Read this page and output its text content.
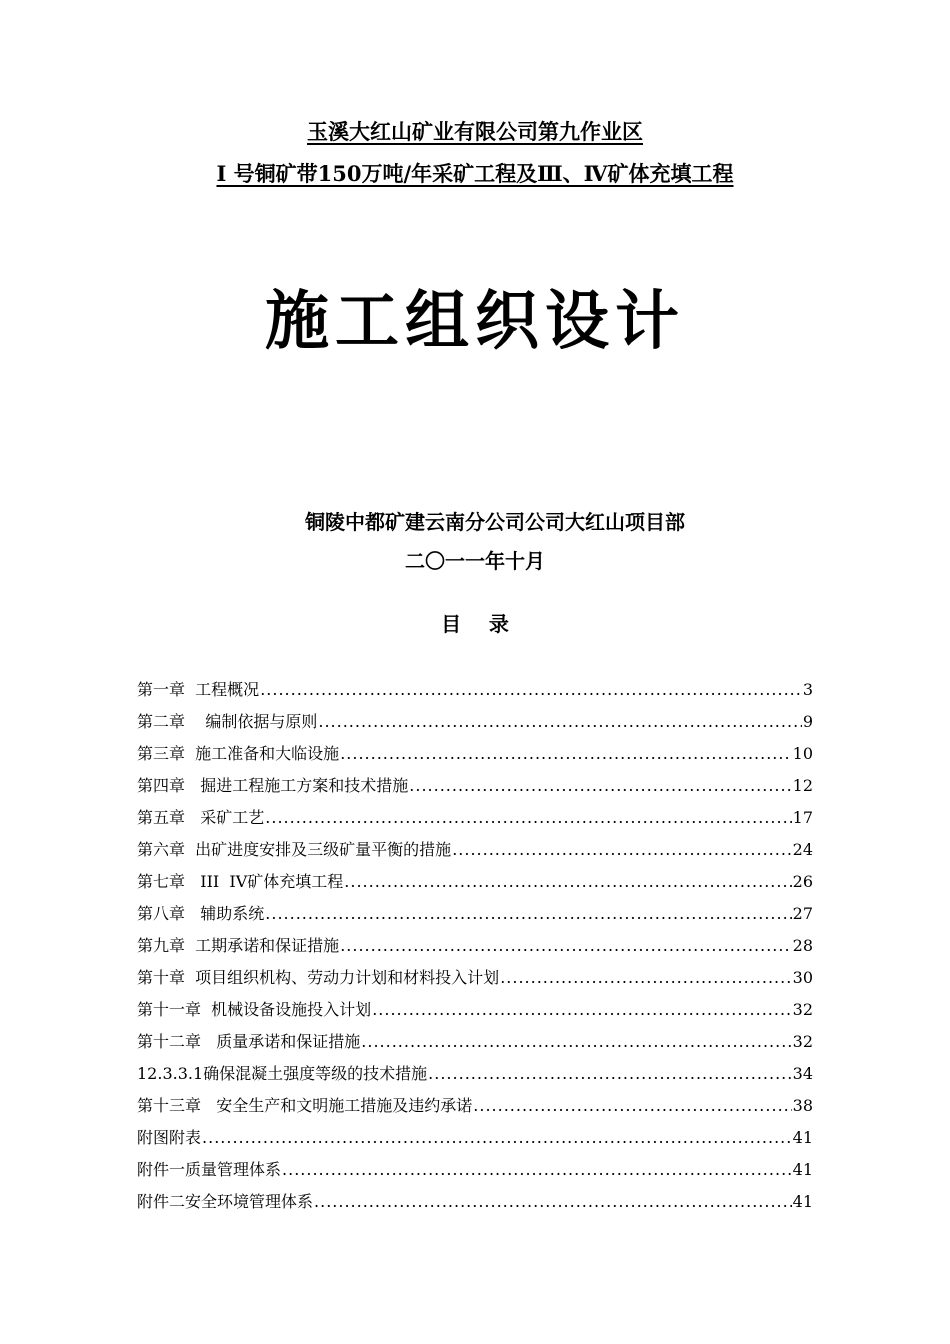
玉溪大红山矿业有限公司第九作业区
Ⅰ 号铜矿带150万吨/年采矿工程及Ⅲ、Ⅳ矿体充填工程
施工组织设计
铜陵中都矿建云南分公司公司大红山项目部
二〇一一年十月
目    录
第一章  工程概况 .....	3
第二章    编制依据与原则 .....	9
第三章  施工准备和大临设施 .....	10
第四章   掘进工程施工方案和技术措施 .....	12
第五章   采矿工艺 .....	17
第六章  出矿进度安排及三级矿量平衡的措施 .....	24
第七章   III  IV矿体充填工程 .....	26
第八章   辅助系统 .....	27
第九章  工期承诺和保证措施 .....	28
第十章  项目组织机构、劳动力计划和材料投入计划 .....	30
第十一章  机械设备设施投入计划 .....	32
第十二章   质量承诺和保证措施 .....	32
12.3.3.1确保混凝土强度等级的技术措施 .....	34
第十三章   安全生产和文明施工措施及违约承诺 .....	38
附图附表 .....	41
附件一质量管理体系 .....	41
附件二安全环境管理体系 .....	41
